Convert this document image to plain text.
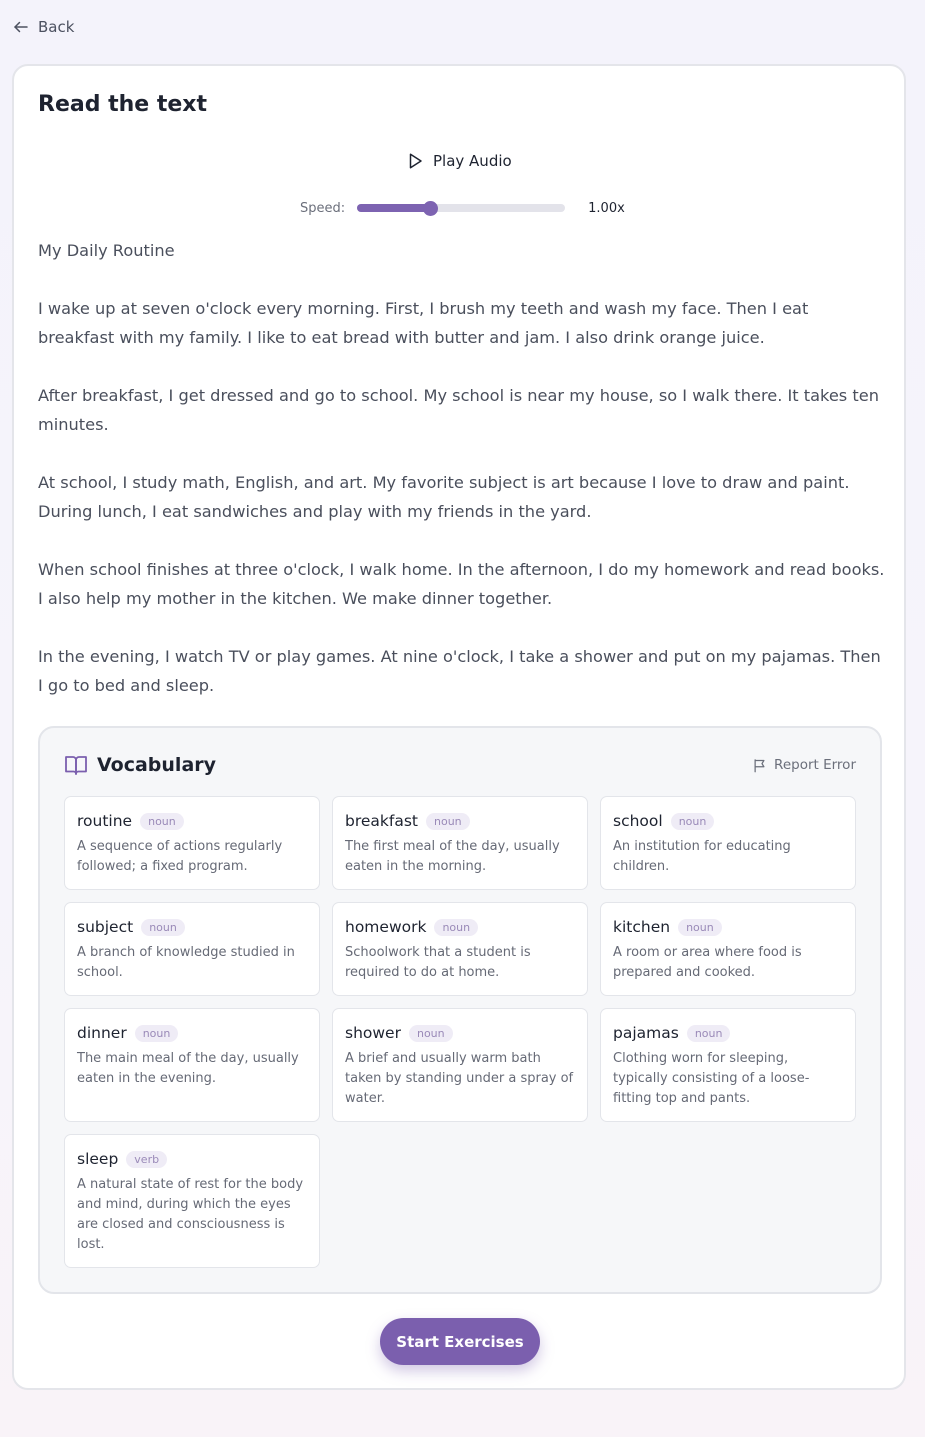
Back
Read the text
Play Audio
Speed:	1.00x

My Daily Routine

I wake up at seven o'clock every morning. First, I brush my teeth and wash my face. Then I eat breakfast with my family. I like to eat bread with butter and jam. I also drink orange juice.

After breakfast, I get dressed and go to school. My school is near my house, so I walk there. It takes ten minutes.

At school, I study math, English, and art. My favorite subject is art because I love to draw and paint. During lunch, I eat sandwiches and play with my friends in the yard.

When school finishes at three o'clock, I walk home. In the afternoon, I do my homework and read books. I also help my mother in the kitchen. We make dinner together.

In the evening, I watch TV or play games. At nine o'clock, I take a shower and put on my pajamas. Then I go to bed and sleep.

Vocabulary	Report Error
routine	noun
A sequence of actions regularly followed; a fixed program.
breakfast	noun
The first meal of the day, usually eaten in the morning.
school	noun
An institution for educating children.
subject	noun
A branch of knowledge studied in school.
homework	noun
Schoolwork that a student is required to do at home.
kitchen	noun
A room or area where food is prepared and cooked.
dinner	noun
The main meal of the day, usually eaten in the evening.
shower	noun
A brief and usually warm bath taken by standing under a spray of water.
pajamas	noun
Clothing worn for sleeping, typically consisting of a loose-fitting top and pants.
sleep	verb
A natural state of rest for the body and mind, during which the eyes are closed and consciousness is lost.
Start Exercises
